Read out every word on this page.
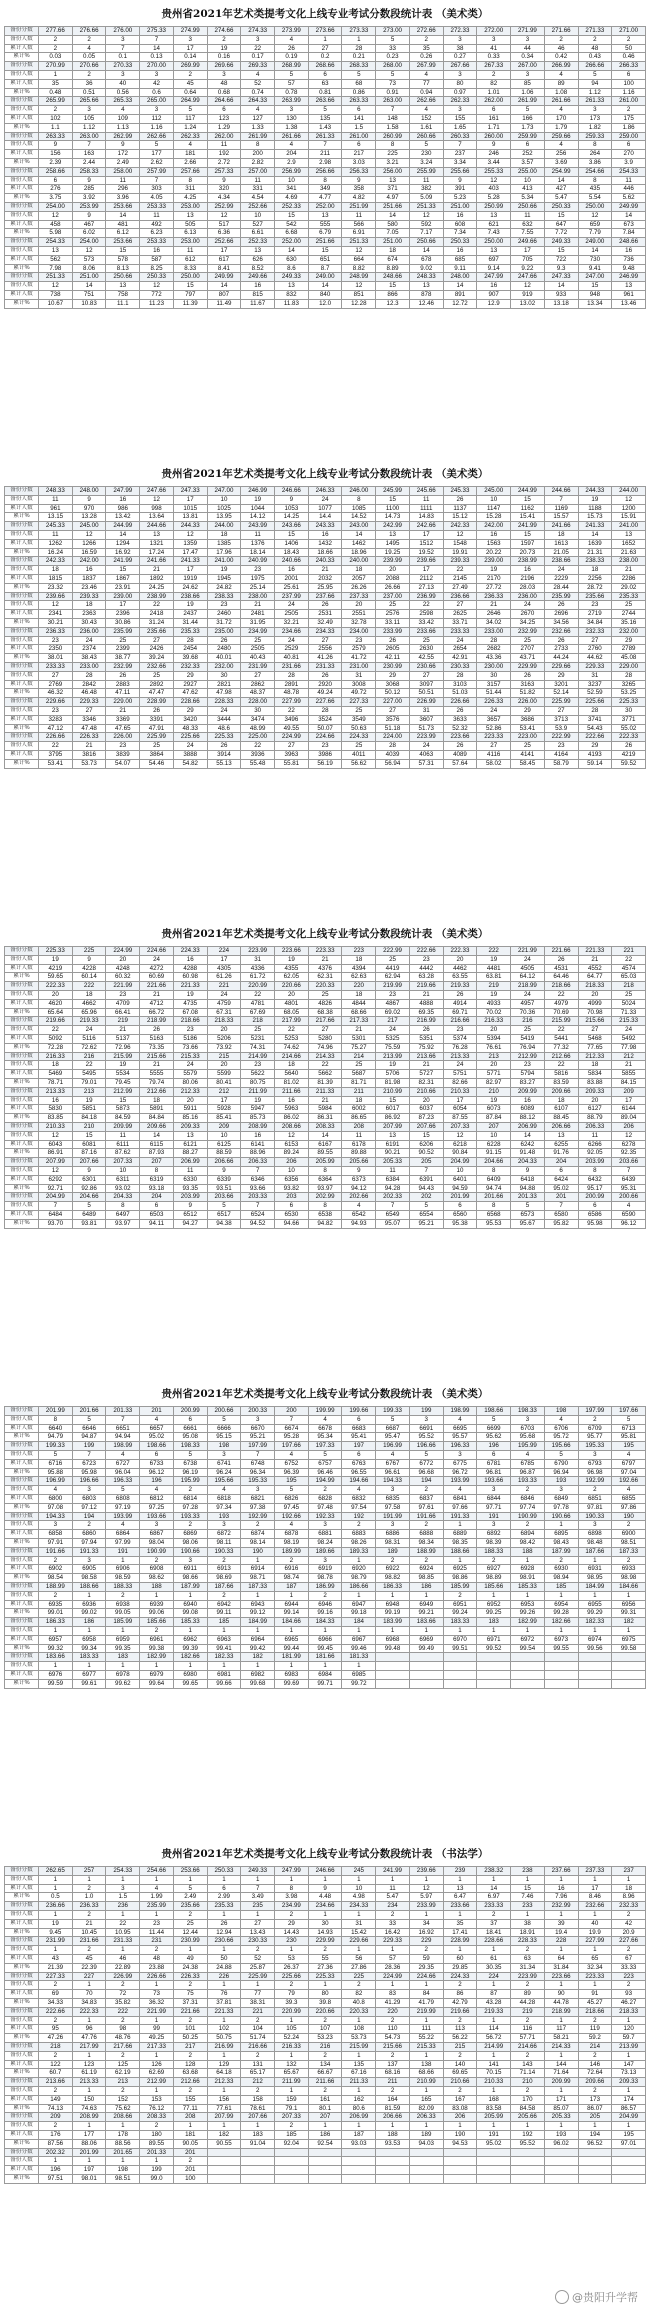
贵州省2021年艺术类提考文化上线专业考试分数段统计表 （美术类）
备份分数	277.66	276.66	276.00	275.33	274.99	274.66	274.33	273.99	273.66	273.33	273.00	272.66	272.33	272.00	271.99	271.66	271.33	271.00
备份人数	2	2	3	7	3	2	3	4	1	1	5	2	3	3	3	2	2	2
累计人数	2	4	7	14	17	19	22	26	27	28	33	35	38	41	44	46	48	50
累计%	0.03	0.05	0.1	0.13	0.14	0.16	0.17	0.19	0.2	0.21	0.23	0.26	0.27	0.33	0.34	0.42	0.43	0.46
备份分数	270.99	270.66	270.33	270.00	269.99	269.66	269.33	268.99	268.66	268.33	268.00	267.99	267.66	267.33	267.00	266.99	266.66	266.33
备份人数	1	2	3	3	2	3	4	5	6	5	5	4	3	2	3	4	5	6
累计人数	35	36	40	42	45	48	52	57	63	68	73	77	80	82	85	89	94	100
累计%	0.48	0.51	0.56	0.6	0.64	0.68	0.74	0.78	0.81	0.86	0.91	0.94	0.97	1.01	1.06	1.08	1.12	1.16
备份分数	265.99	265.66	265.33	265.00	264.99	264.66	264.33	263.99	263.66	263.33	263.00	262.66	262.33	262.00	261.99	261.66	261.33	261.00
备份人数	2	3	4	3	5	6	4	3	5	6	7	4	3	6	5	4	3	2
累计人数	102	105	109	112	117	123	127	130	135	141	148	152	155	161	166	170	173	175
累计%	1.1	1.12	1.13	1.16	1.24	1.29	1.33	1.38	1.43	1.5	1.58	1.61	1.65	1.71	1.73	1.79	1.82	1.86
备份分数	263.33	263.00	262.99	262.66	262.33	262.00	261.99	261.66	261.33	261.00	260.99	260.66	260.33	260.00	259.99	259.66	259.33	259.00
备份人数	9	7	9	5	4	11	8	4	7	6	8	5	7	9	6	4	8	6
累计人数	156	163	172	177	181	192	200	204	211	217	225	230	237	246	252	256	264	270
累计%	2.39	2.44	2.49	2.62	2.66	2.72	2.82	2.9	2.98	3.03	3.21	3.24	3.34	3.44	3.57	3.69	3.86	3.9
备份分数	258.66	258.33	258.00	257.99	257.66	257.33	257.00	256.99	256.66	256.33	256.00	255.99	255.66	255.33	255.00	254.99	254.66	254.33
备份人数	6	9	11	7	8	9	11	10	8	9	13	11	9	12	10	14	8	11
累计人数	276	285	296	303	311	320	331	341	349	358	371	382	391	403	413	427	435	446
累计%	3.75	3.92	3.96	4.05	4.25	4.34	4.54	4.69	4.77	4.82	4.97	5.09	5.23	5.28	5.34	5.47	5.54	5.62
备份分数	254.00	253.99	253.66	253.33	253.00	252.99	252.66	252.33	252.00	251.99	251.66	251.33	251.00	250.99	250.66	250.33	250.00	249.99
备份人数	12	9	14	11	13	12	10	15	13	11	14	12	16	13	11	15	12	14
累计人数	458	467	481	492	505	517	527	542	555	566	580	592	608	621	632	647	659	673
累计%	5.98	6.02	6.12	6.23	6.13	6.36	6.61	6.68	6.79	6.91	7.05	7.17	7.34	7.43	7.55	7.72	7.79	7.84
备份分数	254.33	254.00	253.66	253.33	253.00	252.66	252.33	252.00	251.66	251.33	251.00	250.66	250.33	250.00	249.66	249.33	249.00	248.66
备份人数	13	12	15	16	11	17	13	14	15	12	18	14	16	13	17	15	14	16
累计人数	562	573	578	587	612	617	626	630	651	664	674	678	685	697	705	722	730	736
累计%	7.98	8.06	8.13	8.25	8.33	8.41	8.52	8.6	8.7	8.82	8.89	9.02	9.11	9.14	9.22	9.3	9.41	9.48
备份分数	251.33	251.00	250.66	250.33	250.00	249.99	249.66	249.33	249.00	248.99	248.66	248.33	248.00	247.99	247.66	247.33	247.00	246.99
备份人数	12	14	13	12	15	14	16	13	14	12	15	13	14	16	12	14	15	13
累计人数	738	751	758	772	797	807	815	832	840	851	866	878	891	907	919	933	948	961
累计%	10.67	10.83	11.1	11.23	11.39	11.49	11.67	11.83	12.0	12.28	12.3	12.46	12.72	12.9	13.02	13.18	13.34	13.46
贵州省2021年艺术类提考文化上线专业考试分数段统计表 （美术类）
备份分数	248.33	248.00	247.99	247.66	247.33	247.00	246.99	246.66	246.33	246.00	245.99	245.66	245.33	245.00	244.99	244.66	244.33	244.00
备份人数	11	9	16	12	17	10	19	9	24	8	15	11	26	10	15	7	19	12
累计人数	961	970	986	998	1015	1025	1044	1053	1077	1085	1100	1111	1137	1147	1162	1169	1188	1200
累计%	13.15	13.28	13.42	13.64	13.81	13.95	14.12	14.25	14.4	14.52	14.73	14.83	15.12	15.28	15.41	15.57	15.73	15.91
备份分数	245.33	245.00	244.99	244.66	244.33	244.00	243.99	243.66	243.33	243.00	242.99	242.66	242.33	242.00	241.99	241.66	241.33	241.00
备份人数	11	12	14	13	12	18	11	15	16	14	13	17	12	16	15	18	14	13
累计人数	1262	1266	1294	1321	1359	1385	1376	1406	1432	1462	1495	1512	1548	1563	1597	1613	1639	1652
累计%	16.24	16.59	16.92	17.24	17.47	17.96	18.14	18.43	18.66	18.96	19.25	19.52	19.91	20.22	20.73	21.05	21.31	21.63
备份分数	242.33	242.00	241.99	241.66	241.33	241.00	240.99	240.66	240.33	240.00	239.99	239.66	239.33	239.00	238.99	238.66	238.33	238.00
备份人数	18	16	15	21	17	19	23	16	21	18	20	17	22	19	16	24	18	21
累计人数	1815	1837	1867	1892	1919	1945	1975	2001	2032	2057	2088	2112	2145	2170	2196	2229	2256	2286
累计%	23.32	23.46	23.91	24.25	24.62	24.82	25.14	25.61	25.95	26.26	26.66	27.13	27.49	27.72	28.03	28.44	28.72	29.02
备份分数	239.66	239.33	239.00	238.99	238.66	238.33	238.00	237.99	237.66	237.33	237.00	236.99	236.66	236.33	236.00	235.99	235.66	235.33
备份人数	12	18	17	22	19	23	21	24	26	20	25	22	27	21	24	26	23	25
累计人数	2341	2363	2396	2418	2437	2460	2481	2505	2531	2551	2576	2598	2625	2646	2670	2696	2719	2744
累计%	30.21	30.43	30.86	31.24	31.44	31.72	31.95	32.21	32.49	32.78	33.11	33.42	33.71	34.02	34.25	34.56	34.84	35.16
备份分数	236.33	236.00	235.99	235.66	235.33	235.00	234.99	234.66	234.33	234.00	233.99	233.66	233.33	233.00	232.99	232.66	232.33	232.00
备份人数	23	24	25	27	28	26	25	24	27	23	26	25	24	28	25	26	27	29
累计人数	2350	2374	2399	2426	2454	2480	2505	2529	2556	2579	2605	2630	2654	2682	2707	2733	2760	2789
累计%	38.01	38.43	38.77	39.24	39.68	40.01	40.43	40.81	41.26	41.72	42.11	42.55	42.91	43.36	43.71	44.24	44.62	45.08
备份分数	233.33	233.00	232.99	232.66	232.33	232.00	231.99	231.66	231.33	231.00	230.99	230.66	230.33	230.00	229.99	229.66	229.33	229.00
备份人数	27	28	26	25	29	30	27	28	26	31	29	27	28	30	26	29	31	28
累计人数	2769	2842	2883	2892	2927	2821	2862	2891	2920	3008	3068	3097	3103	3157	3163	3201	3237	3265
累计%	46.32	46.48	47.11	47.47	47.62	47.98	48.37	48.78	49.24	49.72	50.12	50.51	51.03	51.44	51.82	52.14	52.59	53.25
备份分数	229.66	229.33	229.00	228.99	228.66	228.33	228.00	227.99	227.66	227.33	227.00	226.99	226.66	226.33	226.00	225.99	225.66	225.33
备份人数	23	27	21	26	29	24	30	22	28	25	27	31	26	24	29	27	28	30
累计人数	3283	3346	3369	3391	3420	3444	3474	3496	3524	3549	3576	3607	3633	3657	3686	3713	3741	3771
累计%	47.12	47.48	47.65	47.91	48.33	48.6	48.99	49.55	50.07	50.63	51.18	51.73	52.32	52.86	53.41	53.9	54.43	55.02
备份分数	226.66	226.33	226.00	225.99	225.66	225.33	225.00	224.99	224.66	224.33	224.00	223.99	223.66	223.33	223.00	222.99	222.66	222.33
备份人数	22	21	23	25	24	26	22	27	23	25	28	24	26	27	25	23	29	26
累计人数	3795	3816	3839	3864	3888	3914	3936	3963	3986	4011	4039	4063	4089	4116	4141	4164	4193	4219
累计%	53.41	53.73	54.07	54.46	54.82	55.13	55.48	55.81	56.19	56.62	56.94	57.31	57.64	58.02	58.45	58.79	59.14	59.52
贵州省2021年艺术类提考文化上线专业考试分数段统计表 （美术类）
备份分数	225.33	225	224.99	224.66	224.33	224	223.99	223.66	223.33	223	222.99	222.66	222.33	222	221.99	221.66	221.33	221
备份人数	19	9	20	24	16	17	31	19	21	18	25	23	20	19	24	26	21	22
累计人数	4219	4228	4248	4272	4288	4305	4336	4355	4376	4394	4419	4442	4462	4481	4505	4531	4552	4574
累计%	59.65	60.14	60.32	60.69	60.98	61.26	61.72	62.05	62.31	62.63	62.94	63.28	63.55	63.81	64.12	64.46	64.77	65.03
备份分数	222.33	222	221.99	221.66	221.33	221	220.99	220.66	220.33	220	219.99	219.66	219.33	219	218.99	218.66	218.33	218
备份人数	20	18	23	21	19	24	22	20	25	18	23	21	26	19	24	22	20	25
累计人数	4620	4662	4709	4712	4735	4759	4781	4801	4826	4844	4867	4888	4914	4933	4957	4979	4999	5024
累计%	65.64	65.96	66.41	66.72	67.08	67.31	67.69	68.05	68.38	68.66	69.02	69.35	69.71	70.02	70.36	70.69	70.98	71.33
备份分数	219.66	219.33	219	218.99	218.66	218.33	218	217.99	217.66	217.33	217	216.99	216.66	216.33	216	215.99	215.66	215.33
备份人数	22	24	21	26	23	20	25	22	27	21	24	26	23	20	25	22	27	24
累计人数	5092	5116	5137	5163	5186	5206	5231	5253	5280	5301	5325	5351	5374	5394	5419	5441	5468	5492
累计%	72.28	72.62	72.96	73.35	73.66	73.92	74.31	74.62	74.96	75.27	75.59	75.92	76.28	76.61	76.94	77.32	77.65	77.98
备份分数	216.33	216	215.99	215.66	215.33	215	214.99	214.66	214.33	214	213.99	213.66	213.33	213	212.99	212.66	212.33	212
备份人数	18	22	19	21	24	20	23	18	22	25	19	21	24	20	23	22	18	21
累计人数	5469	5495	5534	5555	5579	5599	5622	5640	5662	5687	5706	5727	5751	5771	5794	5816	5834	5855
累计%	78.71	79.01	79.45	79.74	80.06	80.41	80.75	81.02	81.39	81.71	81.98	82.31	82.66	82.97	83.27	83.59	83.88	84.15
备份分数	213.33	213	212.99	212.66	212.33	212	211.99	211.66	211.33	211	210.99	210.66	210.33	210	209.99	209.66	209.33	209
备份人数	16	19	15	18	20	17	19	16	21	18	15	20	17	19	16	18	20	17
累计人数	5830	5851	5873	5891	5911	5928	5947	5963	5984	6002	6017	6037	6054	6073	6089	6107	6127	6144
累计%	83.85	84.18	84.59	84.84	85.16	85.41	85.73	86.02	86.31	86.65	86.92	87.23	87.55	87.84	88.12	88.45	88.79	89.04
备份分数	210.33	210	209.99	209.66	209.33	209	208.99	208.66	208.33	208	207.99	207.66	207.33	207	206.99	206.66	206.33	206
备份人数	12	15	11	14	13	10	16	12	14	11	13	15	12	10	14	13	11	12
累计人数	6043	6081	6111	6115	6121	6125	6141	6153	6167	6178	6191	6206	6218	6228	6242	6255	6266	6278
累计%	86.91	87.16	87.62	87.93	88.27	88.59	88.96	89.24	89.55	89.88	90.21	90.52	90.84	91.15	91.48	91.76	92.05	92.35
备份分数	207.99	207.66	207.33	207	206.99	206.66	206.33	206	205.99	205.66	205.33	205	204.99	204.66	204.33	204	203.99	203.66
备份人数	12	9	10	8	11	9	7	10	8	9	11	7	10	8	9	6	8	7
累计人数	6292	6301	6311	6319	6330	6339	6346	6356	6364	6373	6384	6391	6401	6409	6418	6424	6432	6439
累计%	92.71	92.86	93.02	93.18	93.35	93.51	93.66	93.82	93.97	94.12	94.28	94.43	94.59	94.74	94.88	95.02	95.17	95.31
备份分数	204.99	204.66	204.33	204	203.99	203.66	203.33	203	202.99	202.66	202.33	202	201.99	201.66	201.33	201	200.99	200.66
备份人数	7	5	8	6	9	5	7	6	8	4	7	5	6	8	5	7	6	4
累计人数	6484	6489	6497	6503	6512	6517	6524	6530	6538	6542	6549	6554	6560	6568	6573	6580	6586	6590
累计%	93.70	93.81	93.97	94.11	94.27	94.38	94.52	94.66	94.82	94.93	95.07	95.21	95.38	95.53	95.67	95.82	95.98	96.12
贵州省2021年艺术类提考文化上线专业考试分数段统计表 （美术类）
备份分数	201.99	201.66	201.33	201	200.99	200.66	200.33	200	199.99	199.66	199.33	199	198.99	198.66	198.33	198	197.99	197.66
备份人数	8	5	7	4	6	5	3	7	4	6	5	3	4	5	3	4	2	5
累计人数	6640	6646	6651	6657	6661	6666	6670	6674	6678	6683	6687	6691	6695	6699	6703	6706	6709	6713
累计%	94.79	94.87	94.94	95.02	95.08	95.15	95.21	95.28	95.34	95.41	95.47	95.52	95.57	95.62	95.68	95.72	95.77	95.81
备份分数	199.33	199	198.99	198.66	198.33	198	197.99	197.66	197.33	197	196.99	196.66	196.33	196	195.99	195.66	195.33	195
备份人数	5	7	4	6	5	3	7	4	5	6	4	5	3	6	4	5	3	4
累计人数	6716	6723	6727	6733	6738	6741	6748	6752	6757	6763	6767	6772	6775	6781	6785	6790	6793	6797
累计%	95.88	95.98	96.04	96.12	96.19	96.24	96.34	96.39	96.46	96.55	96.61	96.68	96.72	96.81	96.87	96.94	96.98	97.04
备份分数	196.99	196.66	196.33	196	195.99	195.66	195.33	195	194.99	194.66	194.33	194	193.99	193.66	193.33	193	192.99	192.66
备份人数	4	3	5	4	2	4	3	5	2	4	3	2	4	3	2	3	2	4
累计人数	6800	6803	6808	6812	6814	6818	6821	6826	6828	6832	6835	6837	6841	6844	6846	6849	6851	6855
累计%	97.08	97.12	97.19	97.25	97.28	97.34	97.38	97.45	97.48	97.54	97.58	97.61	97.66	97.71	97.74	97.78	97.81	97.86
备份分数	194.33	194	193.99	193.66	193.33	193	192.99	192.66	192.33	192	191.99	191.66	191.33	191	190.99	190.66	190.33	190
备份人数	3	2	4	3	2	3	2	4	3	2	3	2	1	3	2	1	3	2
累计人数	6858	6860	6864	6867	6869	6872	6874	6878	6881	6883	6886	6888	6889	6892	6894	6895	6898	6900
累计%	97.91	97.94	97.99	98.04	98.06	98.11	98.14	98.19	98.24	98.26	98.31	98.34	98.35	98.39	98.42	98.43	98.48	98.51
备份分数	191.66	191.33	191	190.99	190.66	190.33	190	189.99	189.66	189.33	189	188.99	188.66	188.33	188	187.99	187.66	187.33
备份人数	2	3	1	2	3	2	1	2	3	1	2	2	1	2	1	2	1	2
累计人数	6902	6905	6906	6908	6911	6913	6914	6916	6919	6920	6922	6924	6925	6927	6928	6930	6931	6933
累计%	98.54	98.58	98.59	98.62	98.66	98.69	98.71	98.74	98.78	98.79	98.82	98.85	98.86	98.89	98.91	98.94	98.95	98.98
备份分数	188.99	188.66	188.33	188	187.99	187.66	187.33	187	186.99	186.66	186.33	186	185.99	185.66	185.33	185	184.99	184.66
备份人数	2	1	2	1	1	2	1	1	2	1	1	1	2	1	1	1	1	1
累计人数	6935	6936	6938	6939	6940	6942	6943	6944	6946	6947	6948	6949	6951	6952	6953	6954	6955	6956
累计%	99.01	99.02	99.05	99.06	99.08	99.11	99.12	99.14	99.16	99.18	99.19	99.21	99.24	99.25	99.26	99.28	99.29	99.31
备份分数	186.33	186	185.99	185.66	185.33	185	184.99	184.66	184.33	184	183.99	183.66	183.33	183	182.99	182.66	182.33	182
备份人数	1	1	1	2	1	1	1	1	1	1	1	1	1	1	1	1	1	1
累计人数	6957	6958	6959	6961	6962	6963	6964	6965	6966	6967	6968	6969	6970	6971	6972	6973	6974	6975
累计%	99.32	99.34	99.35	99.38	99.39	99.41	99.42	99.44	99.45	99.46	99.48	99.49	99.51	99.52	99.54	99.55	99.56	99.58
备份分数	183.66	183.33	183	182.99	182.66	182.33	182	181.99	181.66	181.33								
备份人数	1	1	1	1	1	1	1	1	1	1								
累计人数	6976	6977	6978	6979	6980	6981	6982	6983	6984	6985								
累计%	99.59	99.61	99.62	99.64	99.65	99.66	99.68	99.69	99.71	99.72								
贵州省2021年艺术类提考文化上线专业考试分数段统计表 （书法学）
备份分数	262.65	257	254.33	254.66	253.66	250.33	249.33	247.99	246.66	245	241.99	239.66	239	238.32	238	237.66	237.33	237
备份人数	1	1	1	1	1	1	1	1	1	1	1	1	1	1	1	1	1	1
累计人数	1	2	3	4	5	6	7	8	9	10	11	12	13	14	15	16	17	18
累计%	0.5	1.0	1.5	1.99	2.49	2.99	3.49	3.98	4.48	4.98	5.47	5.97	6.47	6.97	7.46	7.96	8.46	8.96
备份分数	236.66	236.33	236	235.99	235.66	235.33	235	234.99	234.66	234.33	234	233.99	233.66	233.33	233	232.99	232.66	232.33
备份人数	1	2	1	1	2	1	1	2	1	1	2	1	1	2	1	1	1	2
累计人数	19	21	22	23	25	26	27	29	30	31	33	34	35	37	38	39	40	42
累计%	9.45	10.45	10.95	11.44	12.44	12.94	13.43	14.43	14.93	15.42	16.42	16.92	17.41	18.41	18.91	19.4	19.9	20.9
备份分数	231.99	231.66	231.33	231	230.99	230.66	230.33	230	229.99	229.66	229.33	229	228.99	228.66	228.33	228	227.99	227.66
备份人数	1	2	1	2	1	1	2	1	2	1	1	2	1	1	2	1	1	2
累计人数	43	45	46	48	49	50	52	53	55	56	57	59	60	61	63	64	65	67
累计%	21.39	22.39	22.89	23.88	24.38	24.88	25.87	26.37	27.36	27.86	28.36	29.35	29.85	30.35	31.34	31.84	32.34	33.33
备份分数	227.33	227	226.99	226.66	226.33	226	225.99	225.66	225.33	225	224.99	224.66	224.33	224	223.99	223.66	223.33	223
备份人数	2	1	2	1	2	1	1	2	1	2	1	1	2	1	2	1	1	2
累计人数	69	70	72	73	75	76	77	79	80	82	83	84	86	87	89	90	91	93
累计%	34.33	34.83	35.82	36.32	37.31	37.81	38.31	39.3	39.8	40.8	41.29	41.79	42.79	43.28	44.28	44.78	45.27	46.27
备份分数	222.66	222.33	222	221.99	221.66	221.33	221	220.99	220.66	220.33	220	219.99	219.66	219.33	219	218.99	218.66	218.33
备份人数	2	1	2	1	2	1	2	1	2	1	2	1	2	1	2	1	2	1
累计人数	95	96	98	99	101	102	104	105	107	108	110	111	113	114	116	117	119	120
累计%	47.26	47.76	48.76	49.25	50.25	50.75	51.74	52.24	53.23	53.73	54.73	55.22	56.22	56.72	57.71	58.21	59.2	59.7
备份分数	218	217.99	217.66	217.33	217	216.99	216.66	216.33	216	215.99	215.66	215.33	215	214.99	214.66	214.33	214	213.99
备份人数	2	1	2	1	2	1	2	1	2	1	2	1	2	1	2	1	2	1
累计人数	122	123	125	126	128	129	131	132	134	135	137	138	140	141	143	144	146	147
累计%	60.7	61.19	62.19	62.69	63.68	64.18	65.17	65.67	66.67	67.16	68.16	68.66	69.65	70.15	71.14	71.64	72.64	73.13
备份分数	213.66	213.33	213	212.99	212.66	212.33	212	211.99	211.66	211.33	211	210.99	210.66	210.33	210	209.99	209.66	209.33
备份人数	2	1	2	1	2	1	2	1	2	1	2	1	2	1	2	1	2	1
累计人数	149	150	152	153	155	156	158	159	161	162	164	165	167	168	170	171	173	174
累计%	74.13	74.63	75.62	76.12	77.11	77.61	78.61	79.1	80.1	80.6	81.59	82.09	83.08	83.58	84.58	85.07	86.07	86.57
备份分数	209	208.99	208.66	208.33	208	207.99	207.66	207.33	207	206.99	206.66	206.33	206	205.99	205.66	205.33	205	204.99
备份人数	2	1	1	2	1	1	1	2	1	1	1	1	1	1	1	1	1	1
累计人数	176	177	178	180	181	182	183	185	186	187	188	189	190	191	192	193	194	195
累计%	87.56	88.06	88.56	89.55	90.05	90.55	91.04	92.04	92.54	93.03	93.53	94.03	94.53	95.02	95.52	96.02	96.52	97.01
备份分数	202.32	201.99	201.65	201.33	201													
备份人数	1	1	1	1	2													
累计人数	196	197	198	199	201													
累计%	97.51	98.01	98.51	99.0	100													
@贵阳升学帮
